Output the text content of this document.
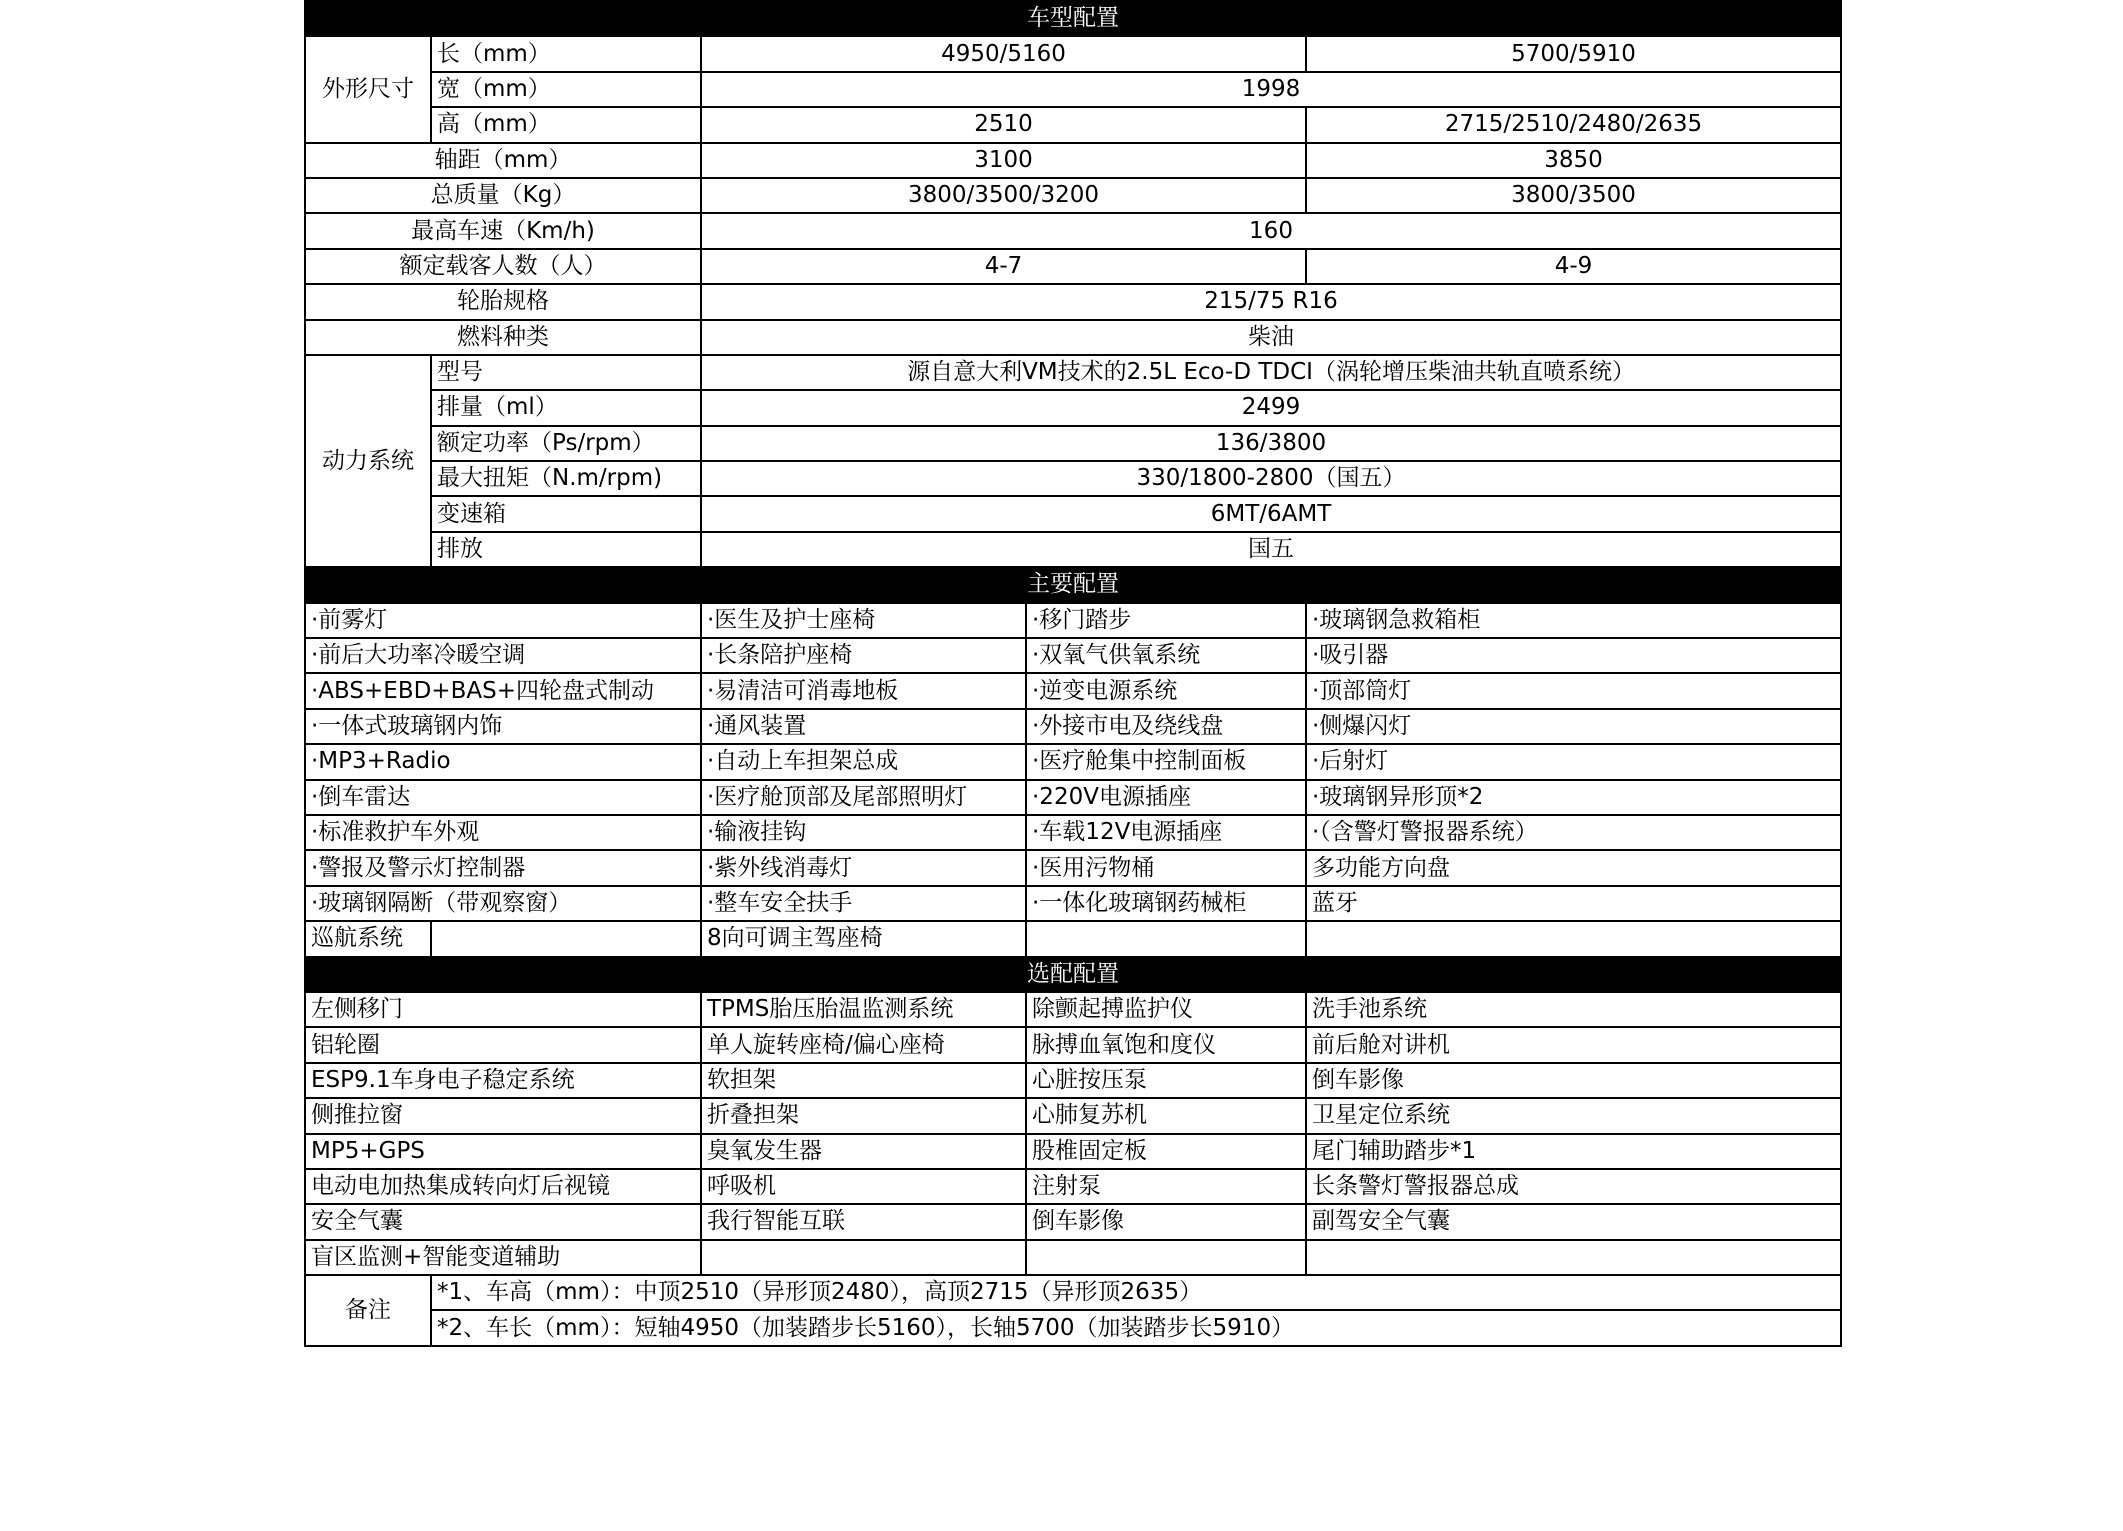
车型配置				
外形尺寸	长（mm）	4950/5160		5700/5910
	宽（mm）	1998		
	高（mm）	2510		2715/2510/2480/2635
轴距（mm）		3100		3850
总质量（Kg）		3800/3500/3200		3800/3500
最高车速（Km/h)		160		
额定载客人数（人）		4-7		4-9
轮胎规格		215/75 R16		
燃料种类		柴油		
动力系统	型号	源自意大利VM技术的2.5L Eco-D TDCI（涡轮增压柴油共轨直喷系统）		
	排量（ml）	2499		
	额定功率（Ps/rpm）	136/3800		
	最大扭矩（N.m/rpm)	330/1800-2800（国五）		
	变速箱	6MT/6AMT		
	排放	国五		
主要配置				
·前雾灯		·医生及护士座椅	·移门踏步	·玻璃钢急救箱柜
·前后大功率冷暖空调		·长条陪护座椅	·双氧气供氧系统	·吸引器
·ABS+EBD+BAS+四轮盘式制动		·易清洁可消毒地板	·逆变电源系统	·顶部筒灯
·一体式玻璃钢内饰		·通风装置	·外接市电及绕线盘	·侧爆闪灯
·MP3+Radio		·自动上车担架总成	·医疗舱集中控制面板	·后射灯
·倒车雷达		·医疗舱顶部及尾部照明灯	·220V电源插座	·玻璃钢异形顶*2
·标准救护车外观		·输液挂钩	·车载12V电源插座	·（含警灯警报器系统）
·警报及警示灯控制器		·紫外线消毒灯	·医用污物桶	多功能方向盘
·玻璃钢隔断（带观察窗）		·整车安全扶手	·一体化玻璃钢药械柜	蓝牙
巡航系统		8向可调主驾座椅		
选配配置				
左侧移门		TPMS胎压胎温监测系统	除颤起搏监护仪	洗手池系统
铝轮圈		单人旋转座椅/偏心座椅	脉搏血氧饱和度仪	前后舱对讲机
ESP9.1车身电子稳定系统		软担架	心脏按压泵	倒车影像
侧推拉窗		折叠担架	心肺复苏机	卫星定位系统
MP5+GPS		臭氧发生器	股椎固定板	尾门辅助踏步*1
电动电加热集成转向灯后视镜		呼吸机	注射泵	长条警灯警报器总成
安全气囊		我行智能互联	倒车影像	副驾安全气囊
盲区监测+智能变道辅助				
备注	*1、车高（mm）：中顶2510（异形顶2480），高顶2715（异形顶2635）			
	*2、车长（mm）：短轴4950（加装踏步长5160），长轴5700（加装踏步长5910）			
